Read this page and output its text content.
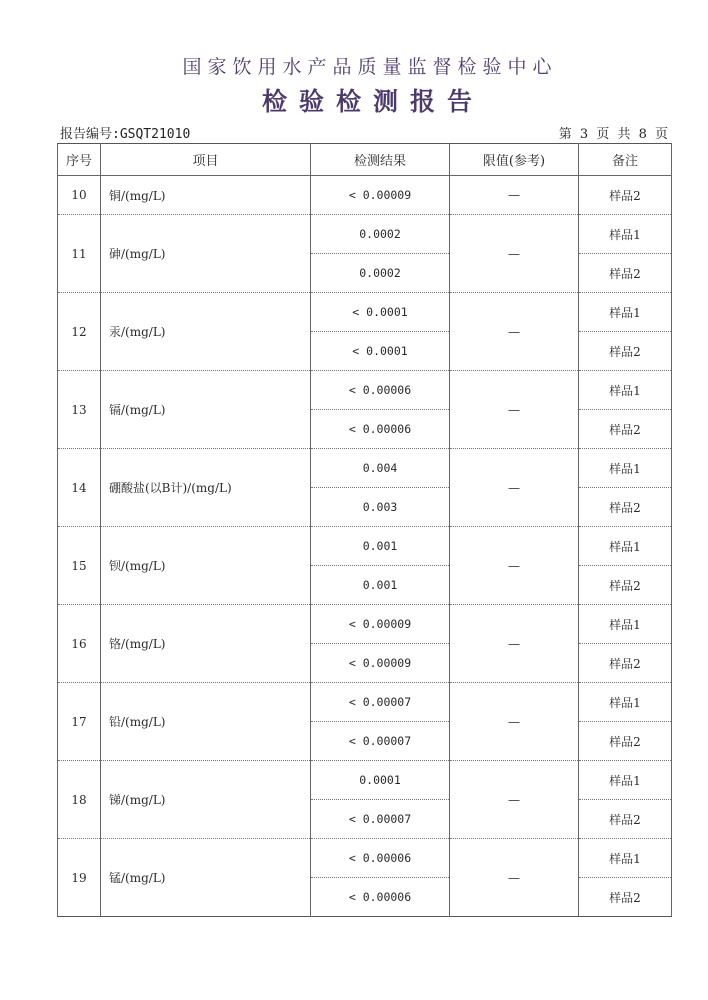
国家饮用水产品质量监督检验中心
检验检测报告
报告编号:GSQT21010	第 3 页 共 8 页
序号	项目	检测结果	限值(参考)	备注
10	铜/(mg/L)	< 0.00009	—	样品2
11	砷/(mg/L)	0.0002	—	样品1
		0.0002		样品2
12	汞/(mg/L)	< 0.0001	—	样品1
		< 0.0001		样品2
13	镉/(mg/L)	< 0.00006	—	样品1
		< 0.00006		样品2
14	硼酸盐(以B计)/(mg/L)	0.004	—	样品1
		0.003		样品2
15	钡/(mg/L)	0.001	—	样品1
		0.001		样品2
16	铬/(mg/L)	< 0.00009	—	样品1
		< 0.00009		样品2
17	铅/(mg/L)	< 0.00007	—	样品1
		< 0.00007		样品2
18	锑/(mg/L)	0.0001	—	样品1
		< 0.00007		样品2
19	锰/(mg/L)	< 0.00006	—	样品1
		< 0.00006		样品2
